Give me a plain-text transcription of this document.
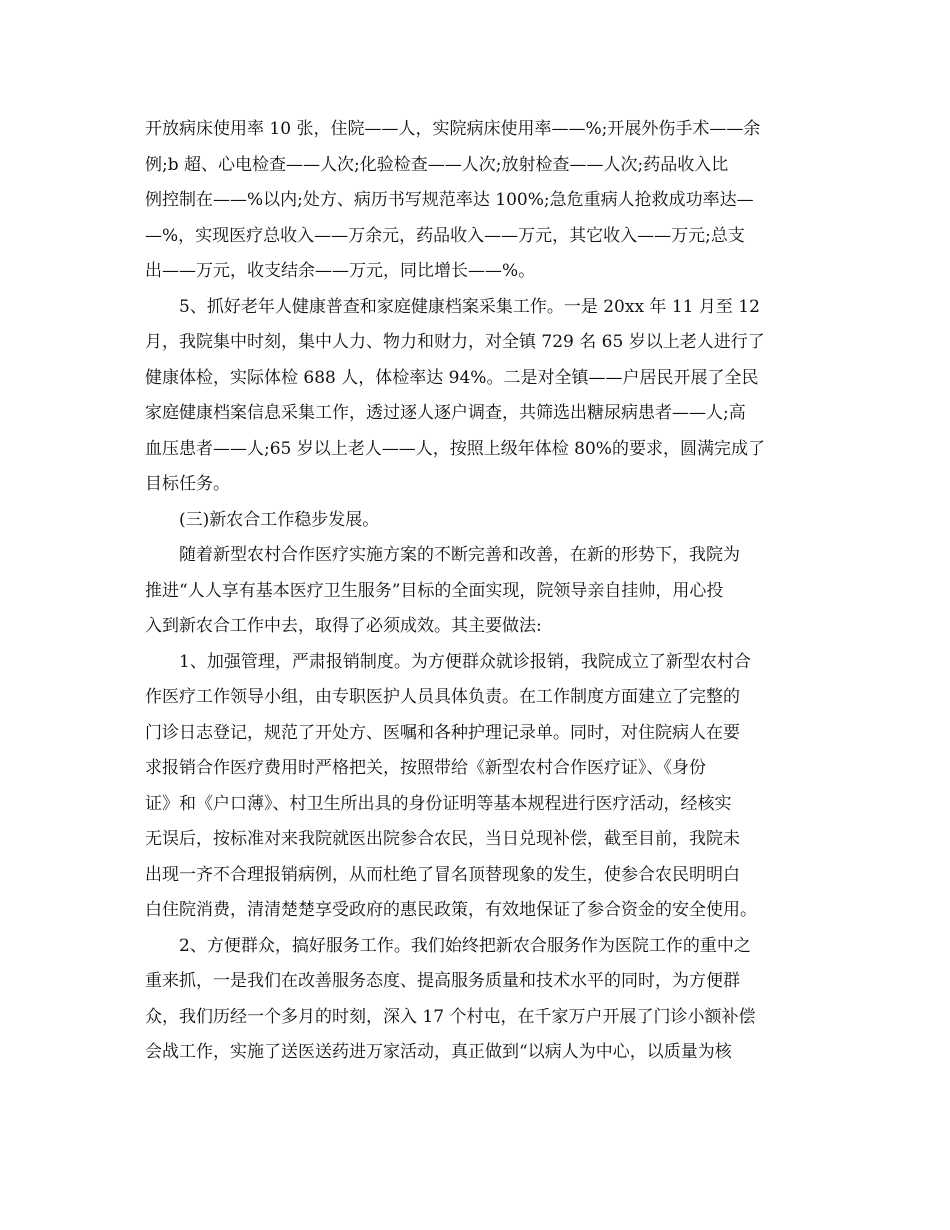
开放病床使用率 10 张，住院——人，实院病床使用率——%;开展外伤手术——余
例;b 超、心电检查——人次;化验检查——人次;放射检查——人次;药品收入比
例控制在——%以内;处方、病历书写规范率达 100%;急危重病人抢救成功率达—
—%，实现医疗总收入——万余元，药品收入——万元，其它收入——万元;总支
出——万元，收支结余——万元，同比增长——%。
5、抓好老年人健康普查和家庭健康档案采集工作。一是 20xx 年 11 月至 12
月，我院集中时刻，集中人力、物力和财力，对全镇 729 名 65 岁以上老人进行了
健康体检，实际体检 688 人，体检率达 94%。二是对全镇——户居民开展了全民
家庭健康档案信息采集工作，透过逐人逐户调查，共筛选出糖尿病患者——人;高
血压患者——人;65 岁以上老人——人，按照上级年体检 80%的要求，圆满完成了
目标任务。
(三)新农合工作稳步发展。
随着新型农村合作医疗实施方案的不断完善和改善，在新的形势下，我院为
推进“人人享有基本医疗卫生服务”目标的全面实现，院领导亲自挂帅，用心投
入到新农合工作中去，取得了必须成效。其主要做法:
1、加强管理，严肃报销制度。为方便群众就诊报销，我院成立了新型农村合
作医疗工作领导小组，由专职医护人员具体负责。在工作制度方面建立了完整的
门诊日志登记，规范了开处方、医嘱和各种护理记录单。同时，对住院病人在要
求报销合作医疗费用时严格把关，按照带给《新型农村合作医疗证》、《身份
证》和《户口薄》、村卫生所出具的身份证明等基本规程进行医疗活动，经核实
无误后，按标准对来我院就医出院参合农民，当日兑现补偿，截至目前，我院未
出现一齐不合理报销病例，从而杜绝了冒名顶替现象的发生，使参合农民明明白
白住院消费，清清楚楚享受政府的惠民政策，有效地保证了参合资金的安全使用。
2、方便群众，搞好服务工作。我们始终把新农合服务作为医院工作的重中之
重来抓，一是我们在改善服务态度、提高服务质量和技术水平的同时，为方便群
众，我们历经一个多月的时刻，深入 17 个村屯，在千家万户开展了门诊小额补偿
会战工作，实施了送医送药进万家活动，真正做到“以病人为中心，以质量为核
